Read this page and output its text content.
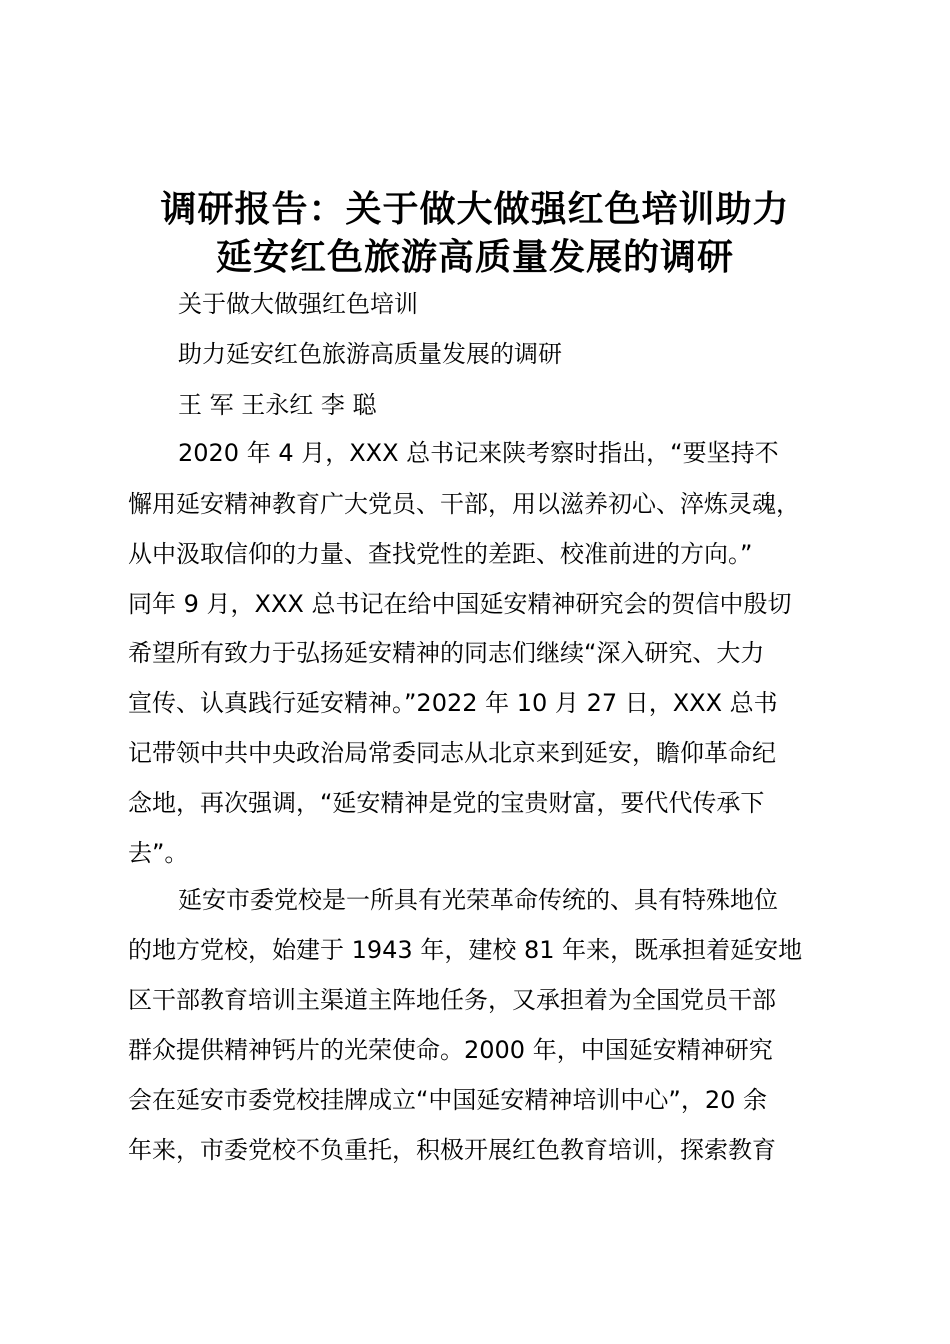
调研报告：关于做大做强红色培训助力
延安红色旅游高质量发展的调研
关于做大做强红色培训
助力延安红色旅游高质量发展的调研
王 军 王永红 李 聪
2020 年 4 月，XXX 总书记来陕考察时指出，“要坚持不
懈用延安精神教育广大党员、干部，用以滋养初心、淬炼灵魂，
从中汲取信仰的力量、查找党性的差距、校准前进的方向。”
同年 9 月，XXX 总书记在给中国延安精神研究会的贺信中殷切
希望所有致力于弘扬延安精神的同志们继续“深入研究、大力
宣传、认真践行延安精神。”2022 年 10 月 27 日，XXX 总书
记带领中共中央政治局常委同志从北京来到延安，瞻仰革命纪
念地，再次强调，“延安精神是党的宝贵财富，要代代传承下
去”。
延安市委党校是一所具有光荣革命传统的、具有特殊地位
的地方党校，始建于 1943 年，建校 81 年来，既承担着延安地
区干部教育培训主渠道主阵地任务，又承担着为全国党员干部
群众提供精神钙片的光荣使命。2000 年，中国延安精神研究
会在延安市委党校挂牌成立“中国延安精神培训中心”，20 余
年来，市委党校不负重托，积极开展红色教育培训，探索教育
